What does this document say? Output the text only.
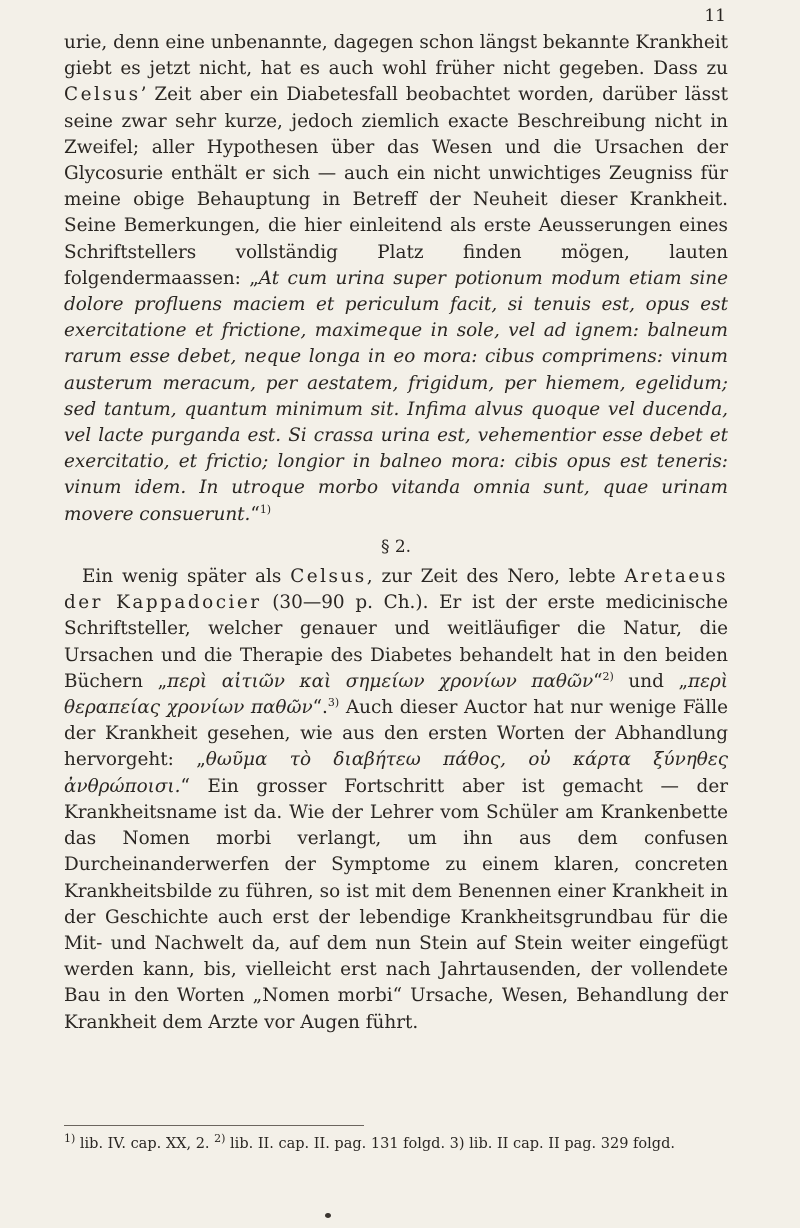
11

urie, denn eine unbenannte, dagegen schon längst bekannte Krankheit giebt es jetzt nicht, hat es auch wohl früher nicht gegeben. Dass zu Celsus’ Zeit aber ein Diabetesfall beobachtet worden, darüber lässt seine zwar sehr kurze, jedoch ziemlich exacte Beschreibung nicht in Zweifel; aller Hypothesen über das Wesen und die Ursachen der Glycosurie enthält er sich — auch ein nicht unwichtiges Zeugniss für meine obige Behauptung in Betreff der Neuheit dieser Krankheit. Seine Bemerkungen, die hier einleitend als erste Aeusserungen eines Schriftstellers vollständig Platz finden mögen, lauten folgendermaassen: „At cum urina super potionum modum etiam sine dolore profluens maciem et periculum facit, si tenuis est, opus est exercitatione et frictione, maximeque in sole, vel ad ignem: balneum rarum esse debet, neque longa in eo mora: cibus comprimens: vinum austerum meracum, per aestatem, frigidum, per hiemem, egelidum; sed tantum, quantum minimum sit. Infima alvus quoque vel ducenda, vel lacte purganda est. Si crassa urina est, vehementior esse debet et exercitatio, et frictio; longior in balneo mora: cibis opus est teneris: vinum idem. In utroque morbo vitanda omnia sunt, quae urinam movere consuerunt.“$^{1)}$

§ 2.

Ein wenig später als Celsus, zur Zeit des Nero, lebte Aretaeus der Kappadocier (30—90 p. Ch.). Er ist der erste medicinische Schriftsteller, welcher genauer und weitläufiger die Natur, die Ursachen und die Therapie des Diabetes behandelt hat in den beiden Büchern „περὶ αἰτιῶν καὶ σημείων χρονίων παθῶν“$^{2)}$ und „περὶ θεραπείας χρονίων παθῶν“.$^{3)}$ Auch dieser Auctor hat nur wenige Fälle der Krankheit gesehen, wie aus den ersten Worten der Abhandlung hervorgeht: „θωῦμα τὸ διαβήτεω πάθος, οὐ κάρτα ξύνηθες ἀνθρώποισι.“ Ein grosser Fortschritt aber ist gemacht — der Krankheitsname ist da. Wie der Lehrer vom Schüler am Krankenbette das Nomen morbi verlangt, um ihn aus dem confusen Durcheinanderwerfen der Symptome zu einem klaren, concreten Krankheitsbilde zu führen, so ist mit dem Benennen einer Krankheit in der Geschichte auch erst der lebendige Krankheitsgrundbau für die Mit- und Nachwelt da, auf dem nun Stein auf Stein weiter eingefügt werden kann, bis, vielleicht erst nach Jahrtausenden, der vollendete Bau in den Worten „Nomen morbi“ Ursache, Wesen, Behandlung der Krankheit dem Arzte vor Augen führt.

$^{1)}$ lib. IV. cap. XX, 2. $^{2)}$ lib. II. cap. II. pag. 131 folgd. 3) lib. II cap. II pag. 329 folgd.
